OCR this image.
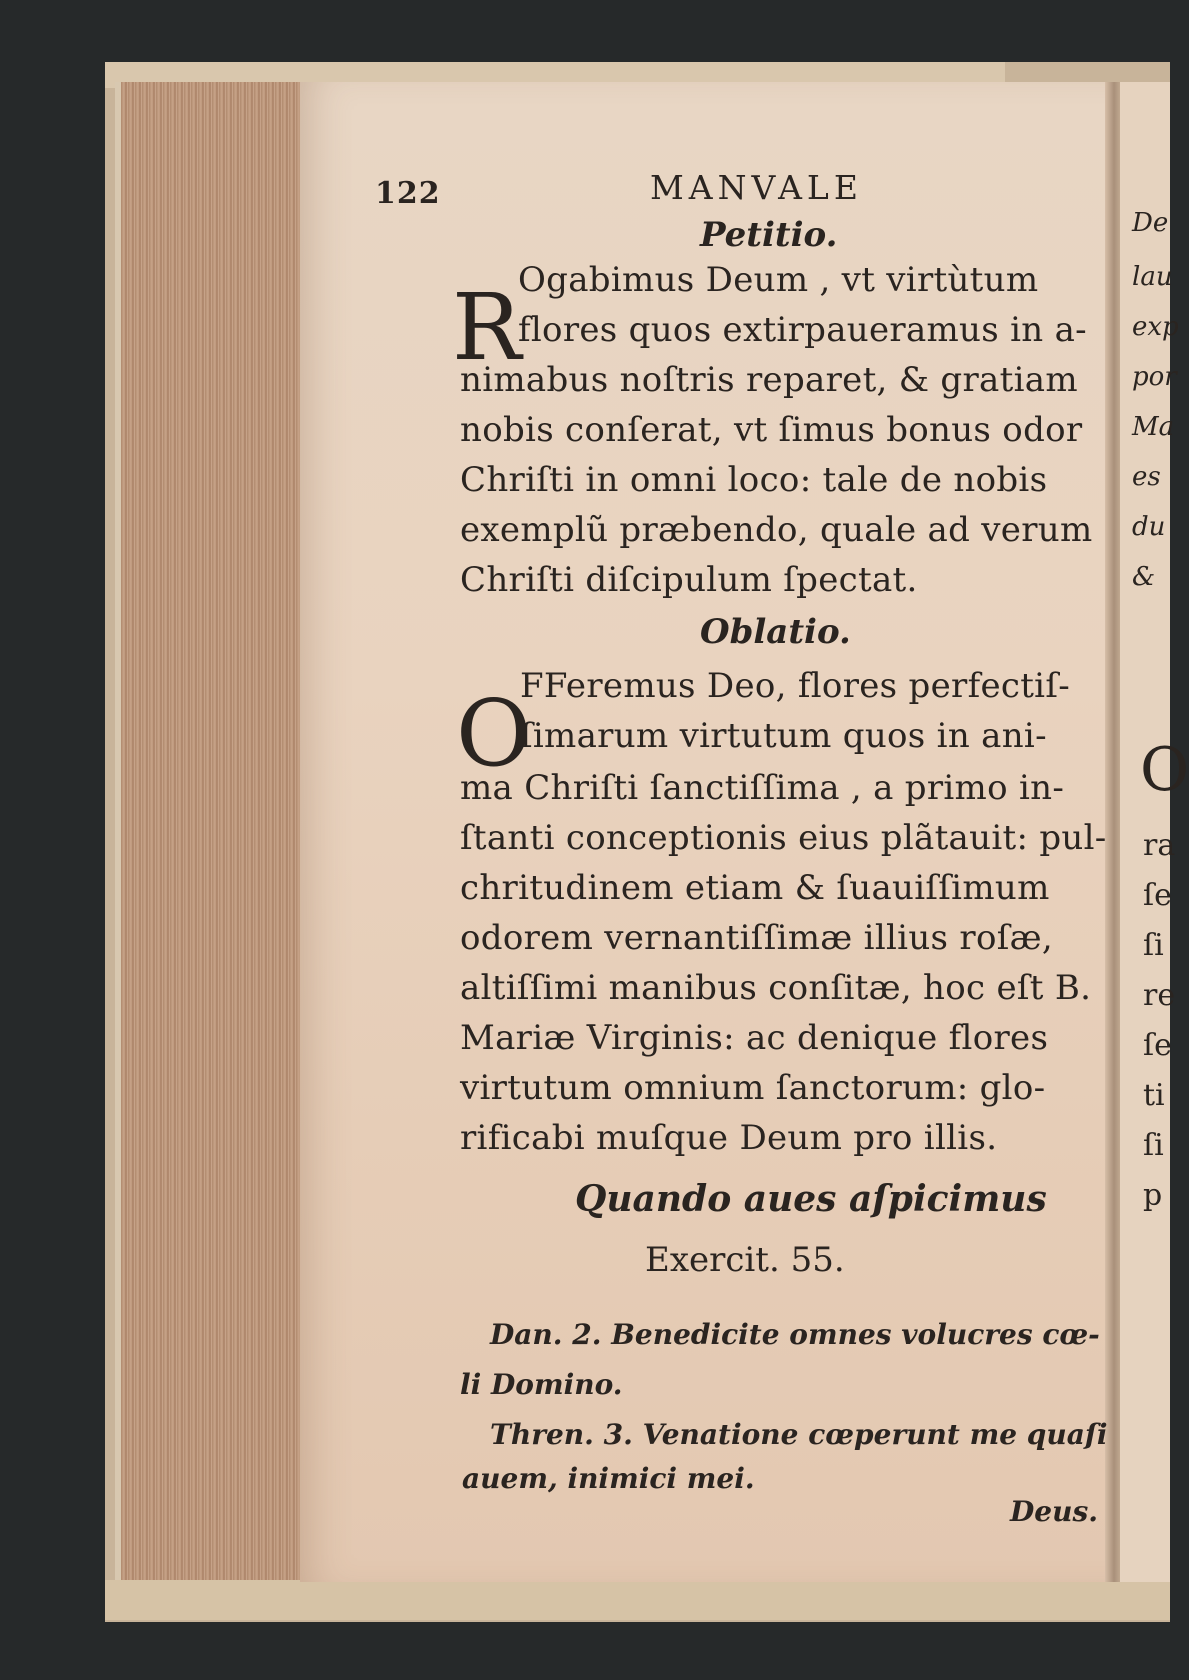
122	MANVALE
Petitio.
R
Ogabimus Deum , vt virtùtum
flores quos extirpaueramus in a-
nimabus noſtris reparet, & gratiam
nobis conſerat, vt ſimus bonus odor
Chriſti in omni loco: tale de nobis
exemplũ præbendo, quale ad verum
Chriſti diſcipulum ſpectat.
Oblatio.
O
FFeremus Deo, flores perfectiſ-
ſimarum virtutum quos in ani-
ma Chriſti ſanctiſſima , a primo in-
ſtanti conceptionis eius plãtauit: pul-
chritudinem etiam & ſuauiſſimum
odorem vernantiſſimæ illius roſæ,
altiſſimi manibus conſitæ, hoc eſt B.
Mariæ Virginis: ac denique flores
virtutum omnium ſanctorum: glo-
rificabi muſque Deum pro illis.
Quando aues aſpicimus
Exercit. 55.
Dan. 2. Benedicite omnes volucres cœ-
li Domino.
Thren. 3. Venatione cœperunt me quaſi
auem, inimici mei.
Deus.
De
lau
exp
por
Ma
es
du
&
O
ra
ſe
ſi
re
ſe
ti
ſi
p
